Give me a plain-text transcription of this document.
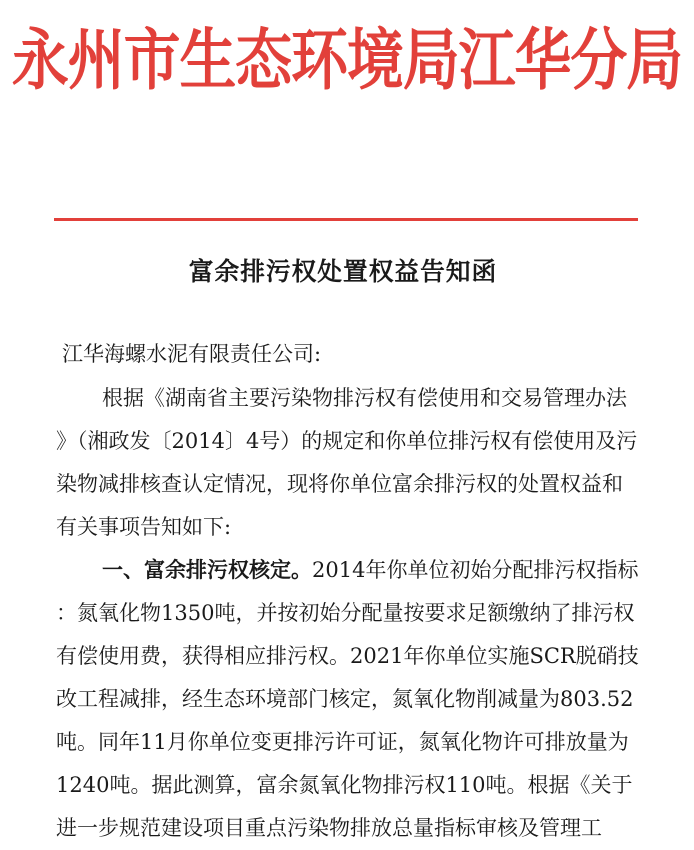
永州市生态环境局江华分局
富余排污权处置权益告知函
江华海螺水泥有限责任公司:
根据《湖南省主要污染物排污权有偿使用和交易管理办法
》（湘政发〔2014〕4号）的规定和你单位排污权有偿使用及污
染物减排核查认定情况，现将你单位富余排污权的处置权益和
有关事项告知如下:
一、富余排污权核定。2014年你单位初始分配排污权指标
：氮氧化物1350吨，并按初始分配量按要求足额缴纳了排污权
有偿使用费，获得相应排污权。2021年你单位实施SCR脱硝技
改工程减排，经生态环境部门核定，氮氧化物削减量为803.52
吨。同年11月你单位变更排污许可证，氮氧化物许可排放量为
1240吨。据此测算，富余氮氧化物排污权110吨。根据《关于
进一步规范建设项目重点污染物排放总量指标审核及管理工
